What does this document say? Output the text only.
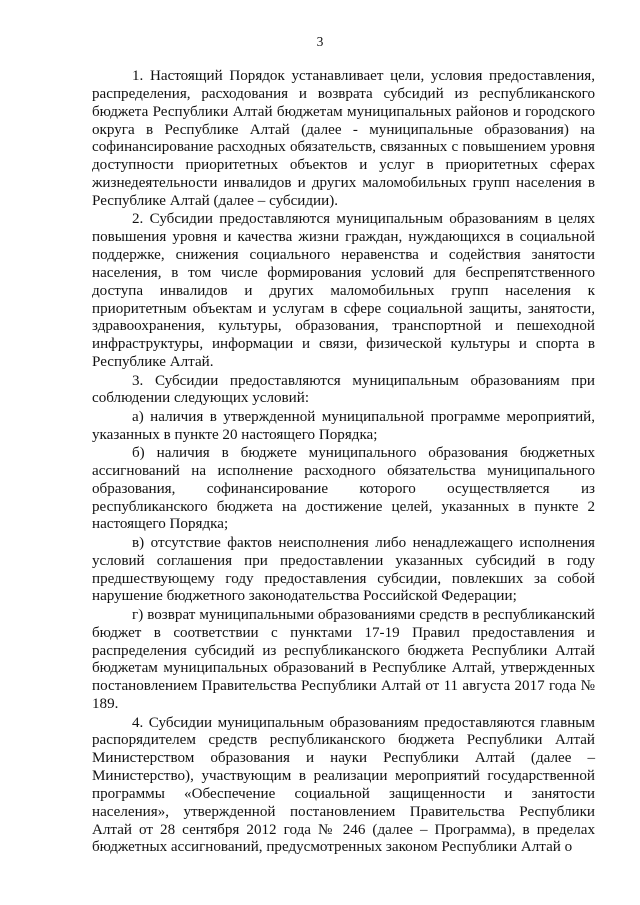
3

1. Настоящий Порядок устанавливает цели, условия предоставления, распределения, расходования и возврата субсидий из республиканского бюджета Республики Алтай бюджетам муниципальных районов и городского округа в Республике Алтай (далее - муниципальные образования) на софинансирование расходных обязательств, связанных с повышением уровня доступности приоритетных объектов и услуг в приоритетных сферах жизнедеятельности инвалидов и других маломобильных групп населения в Республике Алтай (далее – субсидии).

2. Субсидии предоставляются муниципальным образованиям в целях повышения уровня и качества жизни граждан, нуждающихся в социальной поддержке, снижения социального неравенства и содействия занятости населения, в том числе формирования условий для беспрепятственного доступа инвалидов и других маломобильных групп населения к приоритетным объектам и услугам в сфере социальной защиты, занятости, здравоохранения, культуры, образования, транспортной и пешеходной инфраструктуры, информации и связи, физической культуры и спорта в Республике Алтай.

3. Субсидии предоставляются муниципальным образованиям при соблюдении следующих условий:

а) наличия в утвержденной муниципальной программе мероприятий, указанных в пункте 20 настоящего Порядка;

б) наличия в бюджете муниципального образования бюджетных ассигнований на исполнение расходного обязательства муниципального образования, софинансирование которого осуществляется из республиканского бюджета на достижение целей, указанных в пункте 2 настоящего Порядка;

в) отсутствие фактов неисполнения либо ненадлежащего исполнения условий соглашения при предоставлении указанных субсидий в году предшествующему году предоставления субсидии, повлекших за собой нарушение бюджетного законодательства Российской Федерации;

г) возврат муниципальными образованиями средств в республиканский бюджет в соответствии с пунктами 17-19 Правил предоставления и распределения субсидий из республиканского бюджета Республики Алтай бюджетам муниципальных образований в Республике Алтай, утвержденных постановлением Правительства Республики Алтай от 11 августа 2017 года № 189.

4. Субсидии муниципальным образованиям предоставляются главным распорядителем средств республиканского бюджета Республики Алтай Министерством образования и науки Республики Алтай (далее – Министерство), участвующим в реализации мероприятий государственной программы «Обеспечение социальной защищенности и занятости населения», утвержденной постановлением Правительства Республики Алтай от 28 сентября 2012 года № 246 (далее – Программа), в пределах бюджетных ассигнований, предусмотренных законом Республики Алтай о
